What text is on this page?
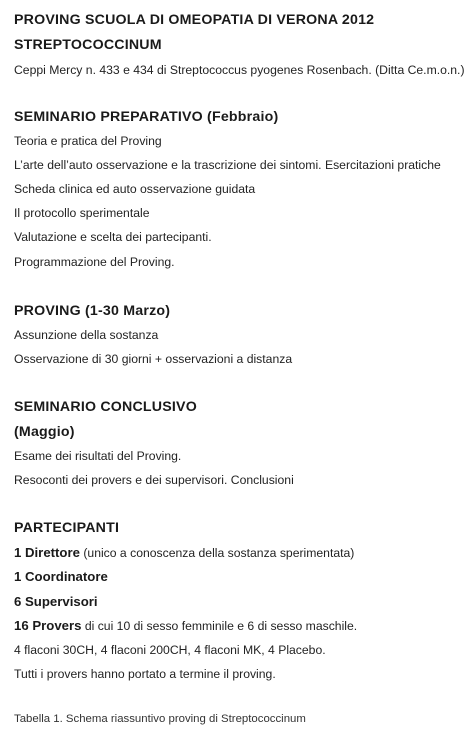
PROVING SCUOLA DI OMEOPATIA DI VERONA 2012
STREPTOCOCCINUM
Ceppi Mercy n. 433 e 434 di Streptococcus pyogenes Rosenbach. (Ditta Ce.m.o.n.)
SEMINARIO PREPARATIVO (Febbraio)
Teoria e pratica del Proving
L’arte dell’auto osservazione e la trascrizione dei sintomi. Esercitazioni pratiche
Scheda clinica ed auto osservazione guidata
Il protocollo sperimentale
Valutazione e scelta dei partecipanti.
Programmazione del Proving.
PROVING (1-30 Marzo)
Assunzione della sostanza
Osservazione di 30 giorni + osservazioni a distanza
SEMINARIO CONCLUSIVO
(Maggio)
Esame dei risultati del Proving.
Resoconti dei provers e dei supervisori. Conclusioni
PARTECIPANTI
1 Direttore (unico a conoscenza della sostanza sperimentata)
1 Coordinatore
6 Supervisori
16 Provers di cui 10 di sesso femminile e 6 di sesso maschile.
4 flaconi 30CH, 4 flaconi 200CH, 4 flaconi MK, 4 Placebo.
Tutti i provers hanno portato a termine il proving.
Tabella 1. Schema riassuntivo proving di Streptococcinum
